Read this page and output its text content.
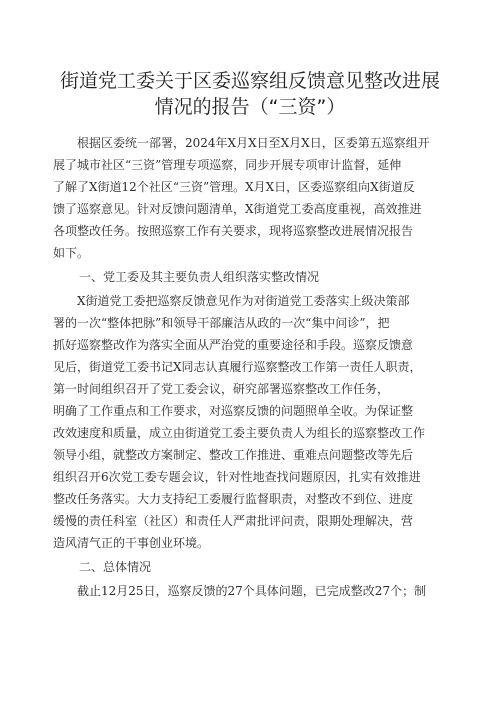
街道党工委关于区委巡察组反馈意见整改进展
情况的报告（“三资”）
根据区委统一部署，2024年X月X日至X月X日，区委第五巡察组开
展了城市社区“三资”管理专项巡察，同步开展专项审计监督，延伸
了解了X街道12个社区“三资”管理。X月X日，区委巡察组向X街道反
馈了巡察意见。针对反馈问题清单，X街道党工委高度重视，高效推进
各项整改任务。按照巡察工作有关要求，现将巡察整改进展情况报告
如下。
一、党工委及其主要负责人组织落实整改情况
X街道党工委把巡察反馈意见作为对街道党工委落实上级决策部
署的一次“整体把脉”和领导干部廉洁从政的一次“集中问诊”，把
抓好巡察整改作为落实全面从严治党的重要途径和手段。巡察反馈意
见后，街道党工委书记X同志认真履行巡察整改工作第一责任人职责，
第一时间组织召开了党工委会议，研究部署巡察整改工作任务，
明确了工作重点和工作要求，对巡察反馈的问题照单全收。为保证整
改效速度和质量，成立由街道党工委主要负责人为组长的巡察整改工作
领导小组，就整改方案制定、整改工作推进、重难点问题整改等先后
组织召开6次党工委专题会议，针对性地查找问题原因，扎实有效推进
整改任务落实。大力支持纪工委履行监督职责，对整改不到位、进度
缓慢的责任科室（社区）和责任人严肃批评问责，限期处理解决，营
造风清气正的干事创业环境。
二、总体情况
截止12月25日，巡察反馈的27个具体问题，已完成整改27个；制
